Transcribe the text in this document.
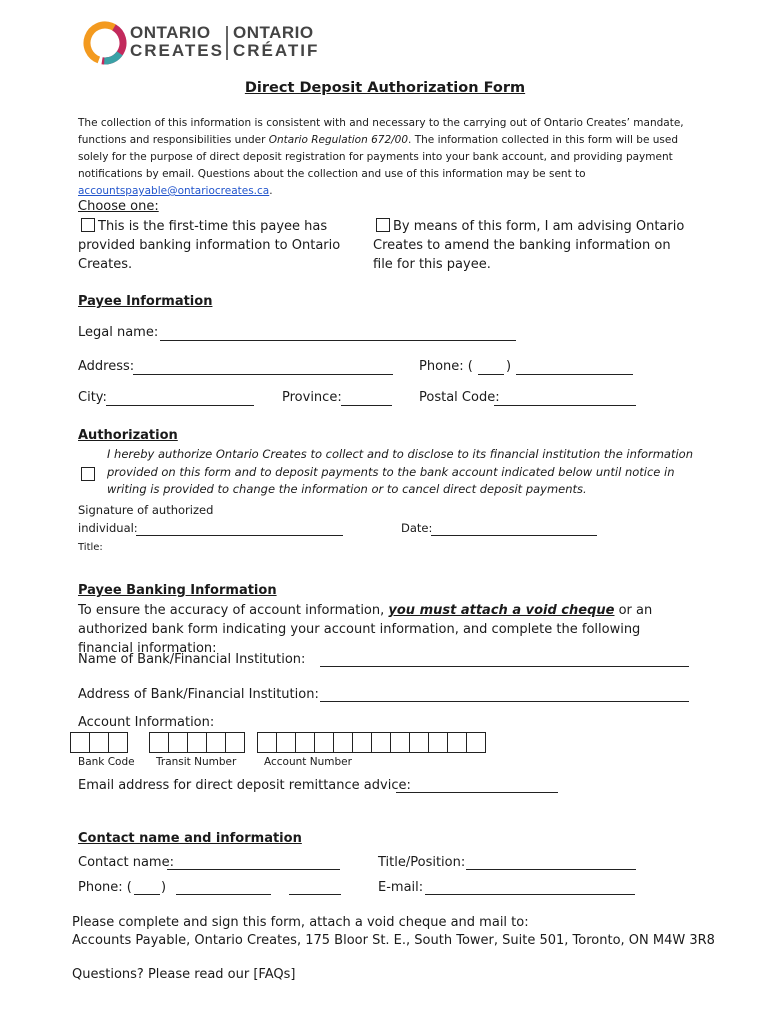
ONTARIO
CREATES
ONTARIO
CRÉATIF
Direct Deposit Authorization Form
The collection of this information is consistent with and necessary to the carrying out of Ontario Creates’ mandate, functions and responsibilities under Ontario Regulation 672/00. The information collected in this form will be used solely for the purpose of direct deposit registration for payments into your bank account, and providing payment notifications by email. Questions about the collection and use of this information may be sent to accountspayable@ontariocreates.ca.
Choose one:
This is the first-time this payee has provided banking information to Ontario Creates.
By means of this form, I am advising Ontario Creates to amend the banking information on file for this payee.
Payee Information
Legal name:
Address:	Phone: (	)
City:	Province:	Postal Code:
Authorization
I hereby authorize Ontario Creates to collect and to disclose to its financial institution the information provided on this form and to deposit payments to the bank account indicated below until notice in writing is provided to change the information or to cancel direct deposit payments.
Signature of authorized
individual:	Date:
Title:
Payee Banking Information
To ensure the accuracy of account information, you must attach a void cheque or an authorized bank form indicating your account information, and complete the following financial information:
Name of Bank/Financial Institution:
Address of Bank/Financial Institution:
Account Information:
Bank Code Transit Number	Account Number
Email address for direct deposit remittance advice:
Contact name and information
Contact name:	Title/Position:
Phone: ( )	E-mail:
Please complete and sign this form, attach a void cheque and mail to:
Accounts Payable, Ontario Creates, 175 Bloor St. E., South Tower, Suite 501, Toronto, ON M4W 3R8
Questions? Please read our [FAQs]
